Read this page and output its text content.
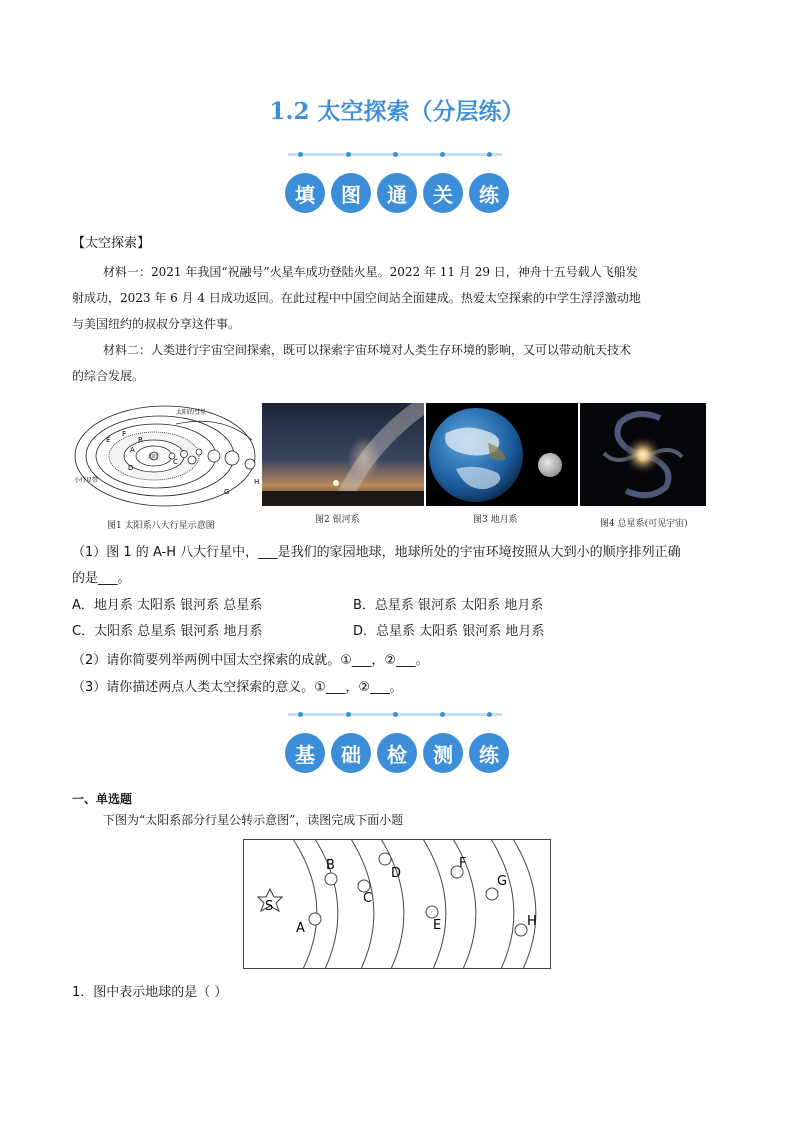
1.2 太空探索（分层练）
填	图	通	关	练
【太空探索】
材料一：2021 年我国“祝融号”火星车成功登陆火星。2022 年 11 月 29 日，神舟十五号载人飞船发
射成功，2023 年 6 月 4 日成功返回。在此过程中中国空间站全面建成。热爱太空探索的中学生浮浮激动地
与美国纽约的叔叔分享这件事。
材料二：人类进行宇宙空间探索，既可以探索宇宙环境对人类生存环境的影响，又可以带动航天技术
的综合发展。
太阳的彗星
小行星带
太阳
A
B
C
D
E
F
G
H
图1 太阳系八大行星示意图
图2 银河系	图3 地月系	图4 总星系(可见宇宙)
（1）图 1 的 A-H 八大行星中，___是我们的家园地球，地球所处的宇宙环境按照从大到小的顺序排列正确
的是___。
A．地月系 太阳系 银河系 总星系	B．总星系 银河系 太阳系 地月系
C．太阳系 总星系 银河系 地月系	D．总星系 太阳系 银河系 地月系
（2）请你简要列举两例中国太空探索的成就。①___，②___。
（3）请你描述两点人类太空探索的意义。①___，②___。
基	础	检	测	练
一、单选题
下图为“太阳系部分行星公转示意图”，读图完成下面小题
S
A
B
C
D
E
F
G
H
1．图中表示地球的是（ ）
